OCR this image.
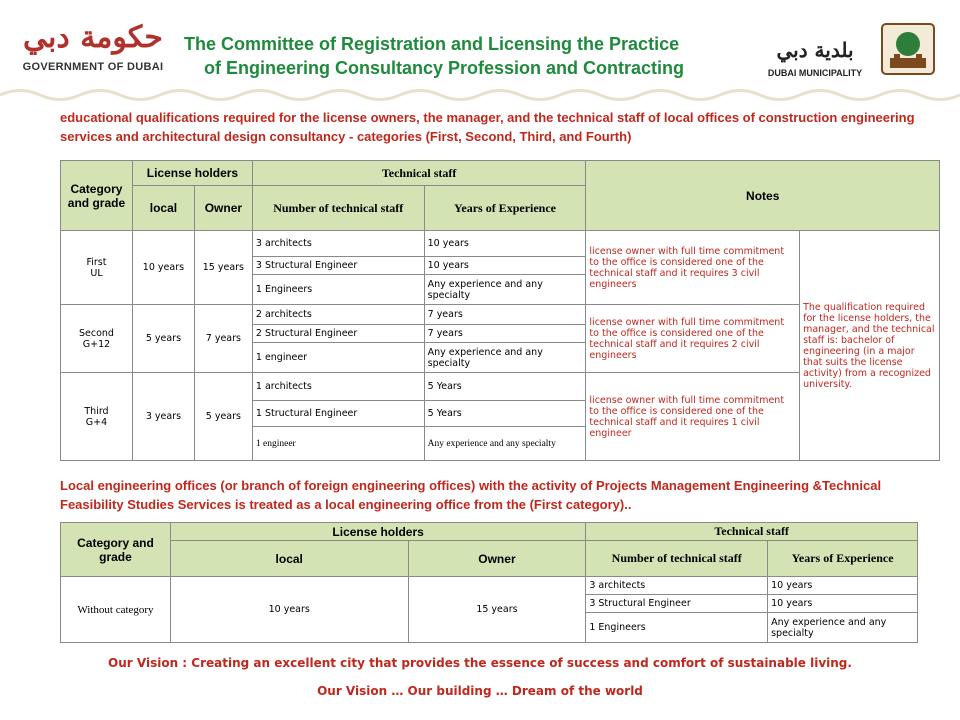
حكومة دبي
GOVERNMENT OF DUBAI
The Committee of Registration and Licensing the Practice
of Engineering Consultancy Profession and Contracting
بلدية دبي
DUBAI MUNICIPALITY
educational qualifications required for the license owners, the manager, and the technical staff of local offices of construction engineering services and architectural design consultancy - categories (First, Second, Third, and Fourth)
Category and grade	License holders		Technical staff		Notes	
	local	Owner	Number of technical staff	Years of Experience		

First
UL	10 years	15 years	3 architects	10 years	license owner with full time commitment to the office is considered one of the technical staff and it requires 3 civil engineers	The qualification required for the license holders, the manager, and the technical staff is: bachelor of engineering (in a major that suits the license activity) from a recognized university.
			3 Structural Engineer	10 years		
			1 Engineers	Any experience and any specialty		

Second
G+12	5 years	7 years	2 architects	7 years	license owner with full time commitment to the office is considered one of the technical staff and it requires 2 civil engineers	
			2 Structural Engineer	7 years		
			1 engineer	Any experience and any specialty		

Third
G+4	3 years	5 years	1 architects	5 Years	license owner with full time commitment to the office is considered one of the technical staff and it requires 1 civil engineer	
			1 Structural Engineer	5 Years		
			1 engineer	Any experience and any specialty		
Local engineering offices (or branch of foreign engineering offices) with the activity of Projects Management Engineering &Technical Feasibility Studies Services is treated as a local engineering office from the (First category)..
Category and grade	License holders		Technical staff	
	local	Owner	Number of technical staff	Years of Experience
Without category	10 years	15 years	3 architects	10 years
			3 Structural Engineer	10 years
			1 Engineers	Any experience and any specialty
Our Vision : Creating an excellent city that provides the essence of success and comfort of sustainable living.
Our Vision … Our building … Dream of the world
